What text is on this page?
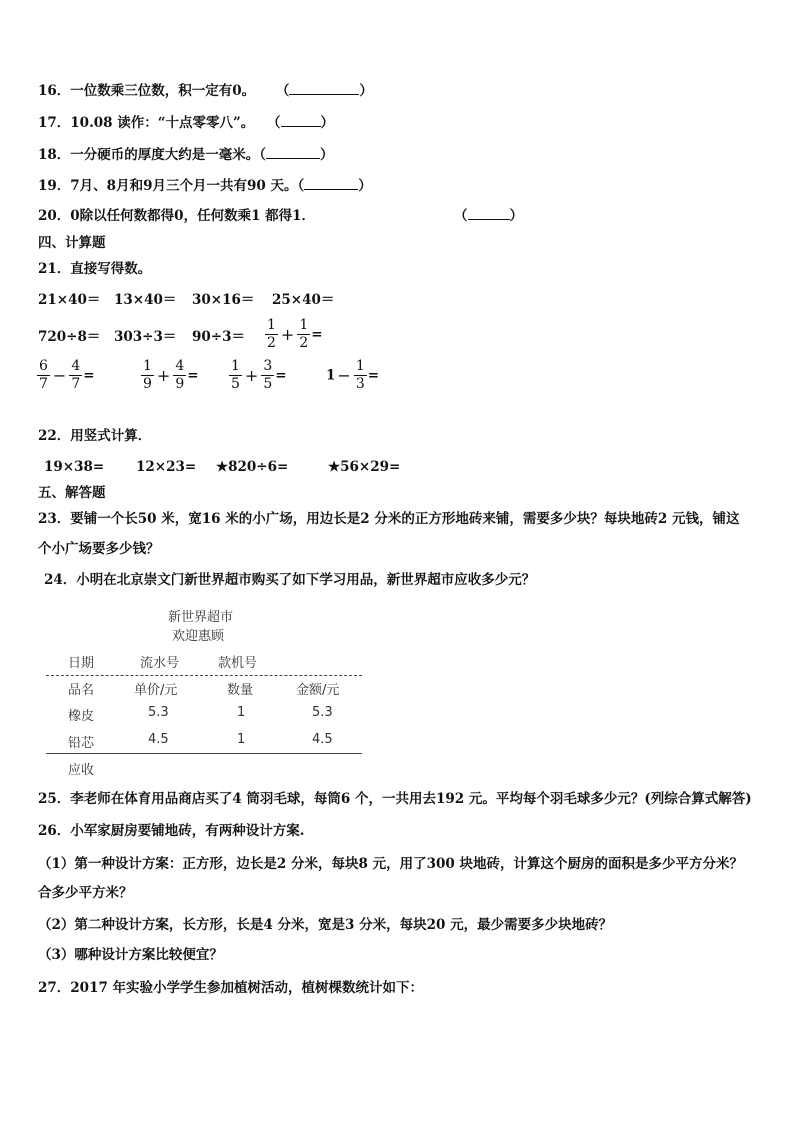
16．一位数乘三位数，积一定有0。 （	）
17．10.08 读作：“十点零零八”。 （	）
18．一分硬币的厚度大约是一毫米。（	）
19．7月、8月和9月三个月一共有90 天。（	）
20．0除以任何数都得0，任何数乘1 都得1．	（	）
四、计算题
21．直接写得数。
21×40＝ 13×40＝ 30×16＝ 25×40＝
$720\div 8= 303\div 3= 90\div 3= \frac{1}{2} + \frac{1}{2}$ =
$\frac{6}{7} - \frac{4}{7}$ =	$\frac{1}{9} + \frac{4}{9} = \frac{1}{5} + \frac{3}{5}$ =	$1 - \frac{1}{3}$ =
22．用竖式计算．
19×38= 12×23= ★820÷6=	★56×29=
五、解答题
23．要铺一个长50 米，宽16 米的小广场，用边长是2 分米的正方形地砖来铺，需要多少块？每块地砖2 元钱，铺这
个小广场要多少钱？
24．小明在北京崇文门新世界超市购买了如下学习用品，新世界超市应收多少元？
新世界超市
欢迎惠顾
日期	流水号	款机号
品名	单价/元	数量	金额/元
橡皮	5.3	1	5.3
铅芯	4.5	1	4.5
应收
25．李老师在体育用品商店买了4 筒羽毛球，每筒6 个，一共用去192 元。平均每个羽毛球多少元？(列综合算式解答)
26．小军家厨房要铺地砖，有两种设计方案.
（1）第一种设计方案：正方形，边长是2 分米，每块8 元，用了300 块地砖，计算这个厨房的面积是多少平方分米？
合多少平方米？
（2）第二种设计方案，长方形，长是4 分米，宽是3 分米，每块20 元，最少需要多少块地砖？
（3）哪种设计方案比较便宜？
27．2017 年实验小学学生参加植树活动，植树棵数统计如下：
